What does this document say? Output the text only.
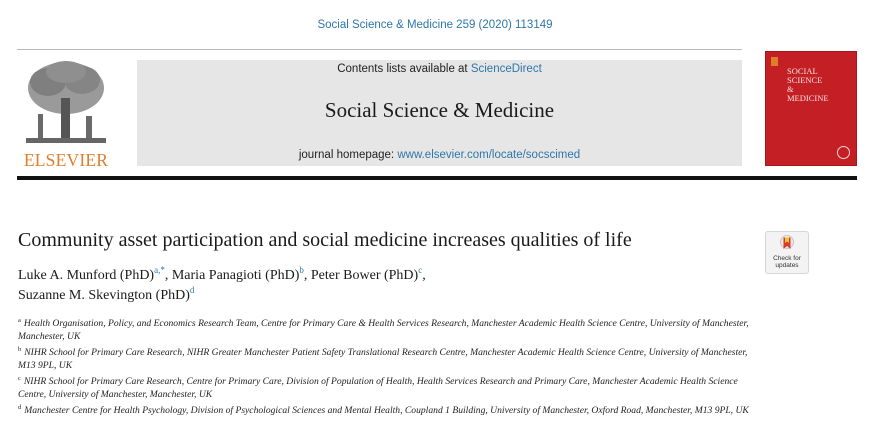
Social Science & Medicine 259 (2020) 113149
ELSEVIER
Contents lists available at ScienceDirect
Social Science & Medicine
journal homepage: www.elsevier.com/locate/socscimed
SOCIAL
SCIENCE
&
MEDICINE
Community asset participation and social medicine increases qualities of life
Luke A. Munford (PhD)$^{a,*}$, Maria Panagioti (PhD)$^b$, Peter Bower (PhD)$^c$,
Suzanne M. Skevington (PhD)$^d$
Check for
updates
$^a$ Health Organisation, Policy, and Economics Research Team, Centre for Primary Care & Health Services Research, Manchester Academic Health Science Centre, University of Manchester, Manchester, UK
$^b$ NIHR School for Primary Care Research, NIHR Greater Manchester Patient Safety Translational Research Centre, Manchester Academic Health Science Centre, University of Manchester, M13 9PL, UK
$^c$ NIHR School for Primary Care Research, Centre for Primary Care, Division of Population of Health, Health Services Research and Primary Care, Manchester Academic Health Science Centre, University of Manchester, Manchester, UK
$^d$ Manchester Centre for Health Psychology, Division of Psychological Sciences and Mental Health, Coupland 1 Building, University of Manchester, Oxford Road, Manchester, M13 9PL, UK
